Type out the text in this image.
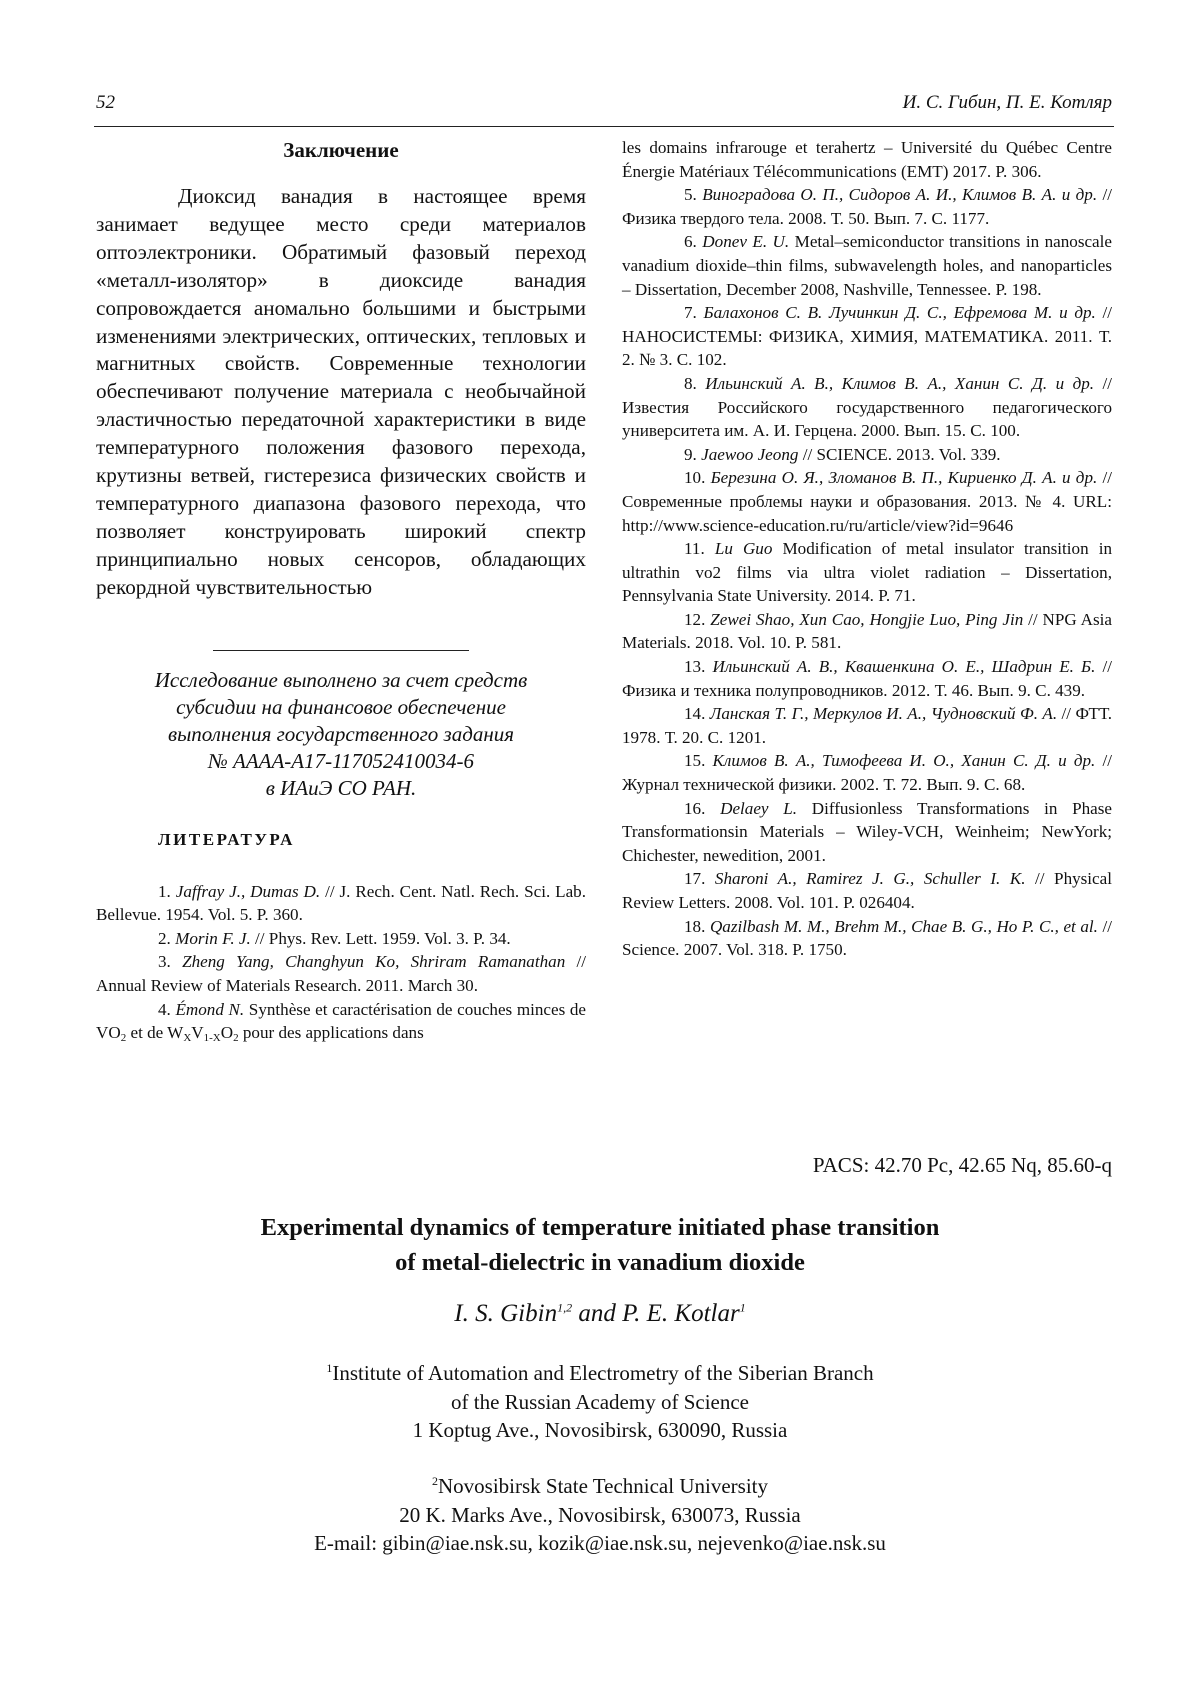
52	И. С. Гибин, П. Е. Котляр
Заключение

Диоксид ванадия в настоящее время занимает ведущее место среди материалов оптоэлектроники. Обратимый фазовый переход «металл-изолятор» в диоксиде ванадия сопровождается аномально большими и быстрыми изменениями электрических, оптических, тепловых и магнитных свойств. Современные технологии обеспечивают получение материала с необычайной эластичностью передаточной характеристики в виде температурного положения фазового перехода, крутизны ветвей, гистерезиса физических свойств и температурного диапазона фазового перехода, что позволяет конструировать широкий спектр принципиально новых сенсоров, обладающих рекордной чувствительностью

Исследование выполнено за счет средств
субсидии на финансовое обеспечение
выполнения государственного задания
№ АААА-А17-117052410034-6
в ИАиЭ СО РАН.
ЛИТЕРАТУРА

1. Jaffray J., Dumas D. // J. Rech. Cent. Natl. Rech. Sci. Lab. Bellevue. 1954. Vol. 5. P. 360.

2. Morin F. J. // Phys. Rev. Lett. 1959. Vol. 3. P. 34.

3. Zheng Yang, Changhyun Ko, Shriram Ramanathan // Annual Review of Materials Research. 2011. March 30.

4. Émond N. Synthèse et caractérisation de couches minces de $VO_2$ et de $W_XV_{1-X}O_2$ pour des applications dans

les domains infrarouge et terahertz – Université du Québec Centre Énergie Matériaux Télécommunications (EMT) 2017. P. 306.

5. Виноградова О. П., Сидоров А. И., Климов В. А. и др. // Физика твердого тела. 2008. Т. 50. Вып. 7. С. 1177.

6. Donev E. U. Metal–semiconductor transitions in nanoscale vanadium dioxide–thin films, subwavelength holes, and nanoparticles – Dissertation, December 2008, Nashville, Tennessee. P. 198.

7. Балахонов С. В. Лучинкин Д. С., Ефремова М. и др. // НАНОСИСТЕМЫ: ФИЗИКА, ХИМИЯ, МАТЕМАТИКА. 2011. Т. 2. № 3. С. 102.

8. Ильинский А. В., Климов В. А., Ханин С. Д. и др. // Известия Российского государственного педагогического университета им. А. И. Герцена. 2000. Вып. 15. С. 100.

9. Jaewoo Jeong // SCIENCE. 2013. Vol. 339.

10. Березина О. Я., Зломанов В. П., Кириенко Д. А. и др. // Современные проблемы науки и образования. 2013. № 4. URL: http://www.science-education.ru/ru/article/view?id=9646

11. Lu Guo Modification of metal insulator transition in ultrathin vo2 films via ultra violet radiation – Dissertation, Pennsylvania State University. 2014. P. 71.

12. Zewei Shao, Xun Cao, Hongjie Luo, Ping Jin // NPG Asia Materials. 2018. Vol. 10. P. 581.

13. Ильинский А. В., Квашенкина О. Е., Шадрин Е. Б. // Физика и техника полупроводников. 2012. Т. 46. Вып. 9. С. 439.

14. Ланская Т. Г., Меркулов И. А., Чудновский Ф. А. // ФТТ. 1978. Т. 20. С. 1201.

15. Климов В. А., Тимофеева И. О., Ханин С. Д. и др. // Журнал технической физики. 2002. Т. 72. Вып. 9. С. 68.

16. Delaey L. Diffusionless Transformations in Phase Transformationsin Materials – Wiley-VCH, Weinheim; NewYork; Chichester, newedition, 2001.

17. Sharoni A., Ramirez J. G., Schuller I. K. // Physical Review Letters. 2008. Vol. 101. P. 026404.

18. Qazilbash M. M., Brehm M., Chae B. G., Ho P. C., et al. // Science. 2007. Vol. 318. P. 1750.

PACS: 42.70 Pc, 42.65 Nq, 85.60-q
Experimental dynamics of temperature initiated phase transition
of metal-dielectric in vanadium dioxide
I. S. Gibin$^{1,2}$ and P. E. Kotlar$^1$
$^1$Institute of Automation and Electrometry of the Siberian Branch
of the Russian Academy of Science
1 Koptug Ave., Novosibirsk, 630090, Russia
$^2$Novosibirsk State Technical University
20 K. Marks Ave., Novosibirsk, 630073, Russia
E-mail: gibin@iae.nsk.su, kozik@iae.nsk.su, nejevenko@iae.nsk.su
